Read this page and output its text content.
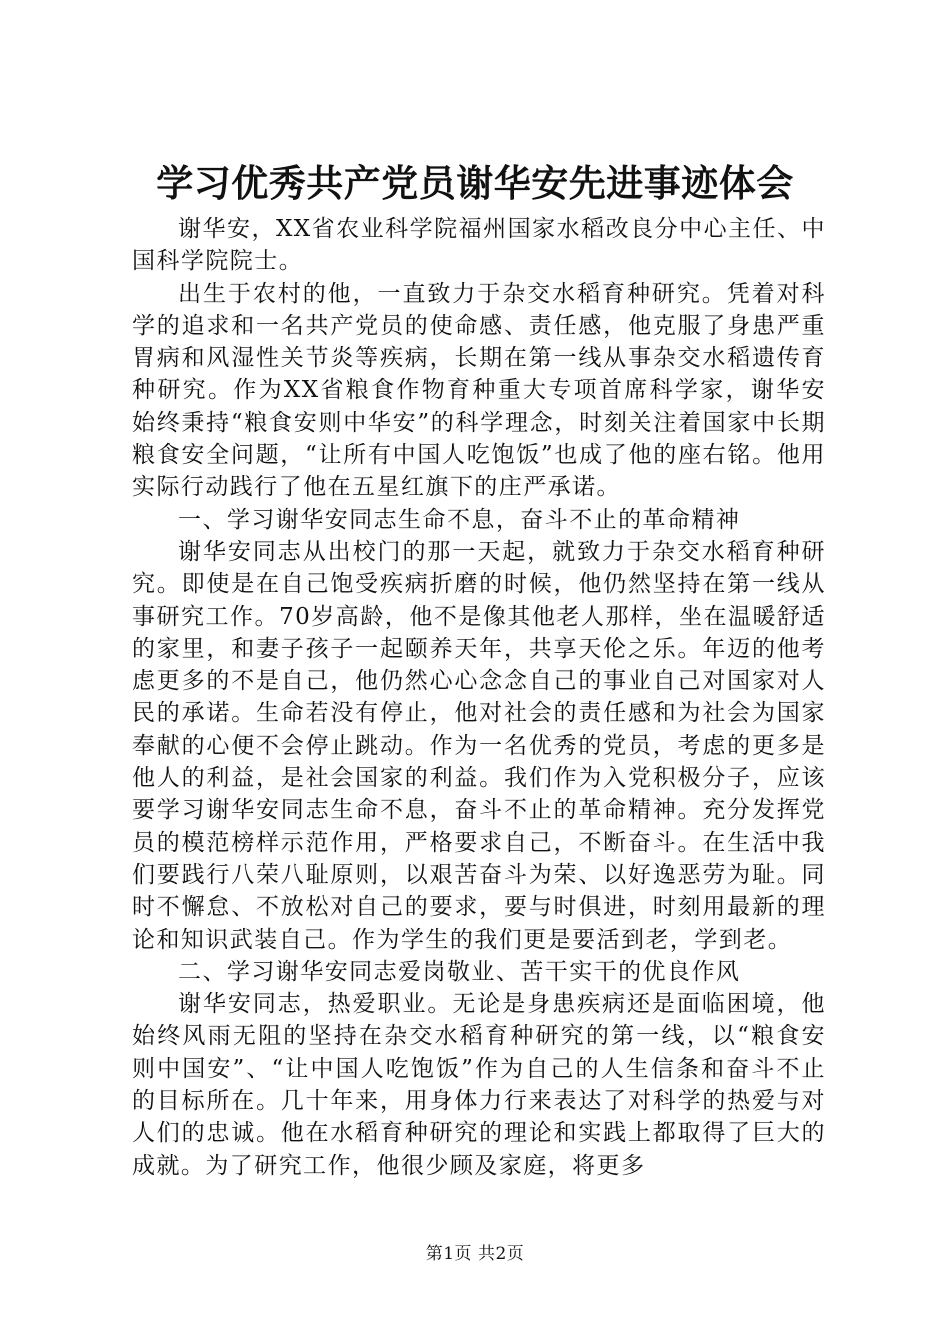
学习优秀共产党员谢华安先进事迹体会

谢华安，XX省农业科学院福州国家水稻改良分中心主任、中国科学院院士。

出生于农村的他，一直致力于杂交水稻育种研究。凭着对科学的追求和一名共产党员的使命感、责任感，他克服了身患严重胃病和风湿性关节炎等疾病，长期在第一线从事杂交水稻遗传育种研究。作为XX省粮食作物育种重大专项首席科学家，谢华安始终秉持“粮食安则中华安”的科学理念，时刻关注着国家中长期粮食安全问题，“让所有中国人吃饱饭”也成了他的座右铭。他用实际行动践行了他在五星红旗下的庄严承诺。

一、学习谢华安同志生命不息，奋斗不止的革命精神

谢华安同志从出校门的那一天起，就致力于杂交水稻育种研究。即使是在自己饱受疾病折磨的时候，他仍然坚持在第一线从事研究工作。70岁高龄，他不是像其他老人那样，坐在温暖舒适的家里，和妻子孩子一起颐养天年，共享天伦之乐。年迈的他考虑更多的不是自己，他仍然心心念念自己的事业自己对国家对人民的承诺。生命若没有停止，他对社会的责任感和为社会为国家奉献的心便不会停止跳动。作为一名优秀的党员，考虑的更多是他人的利益，是社会国家的利益。我们作为入党积极分子，应该要学习谢华安同志生命不息，奋斗不止的革命精神。充分发挥党员的模范榜样示范作用，严格要求自己，不断奋斗。在生活中我们要践行八荣八耻原则，以艰苦奋斗为荣、以好逸恶劳为耻。同时不懈怠、不放松对自己的要求，要与时俱进，时刻用最新的理论和知识武装自己。作为学生的我们更是要活到老，学到老。

二、学习谢华安同志爱岗敬业、苦干实干的优良作风

谢华安同志，热爱职业。无论是身患疾病还是面临困境，他始终风雨无阻的坚持在杂交水稻育种研究的第一线，以“粮食安则中国安”、“让中国人吃饱饭”作为自己的人生信条和奋斗不止的目标所在。几十年来，用身体力行来表达了对科学的热爱与对人们的忠诚。他在水稻育种研究的理论和实践上都取得了巨大的成就。为了研究工作，他很少顾及家庭，将更多

第1页 共2页
